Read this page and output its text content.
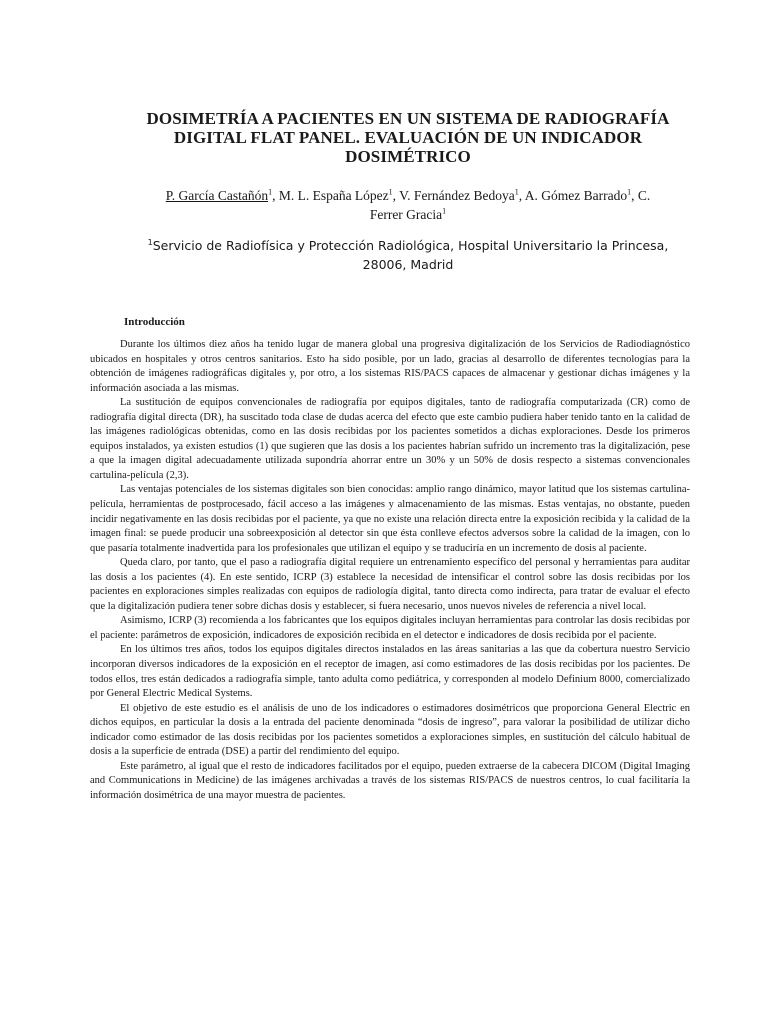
DOSIMETRÍA A PACIENTES EN UN SISTEMA DE RADIOGRAFÍA
DIGITAL FLAT PANEL. EVALUACIÓN DE UN INDICADOR
DOSIMÉTRICO
P. García Castañón$^1$, M. L. España López$^1$, V. Fernández Bedoya$^1$, A. Gómez Barrado$^1$, C.
Ferrer Gracia$^1$
$^1$Servicio de Radiofísica y Protección Radiológica, Hospital Universitario la Princesa,
28006, Madrid
Introducción

Durante los últimos diez años ha tenido lugar de manera global una progresiva digitalización de los Servicios de Radiodiagnóstico ubicados en hospitales y otros centros sanitarios. Esto ha sido posible, por un lado, gracias al desarrollo de diferentes tecnologías para la obtención de imágenes radiográficas digitales y, por otro, a los sistemas RIS/PACS capaces de almacenar y gestionar dichas imágenes y la información asociada a las mismas.

La sustitución de equipos convencionales de radiografía por equipos digitales, tanto de radiografía computarizada (CR) como de radiografía digital directa (DR), ha suscitado toda clase de dudas acerca del efecto que este cambio pudiera haber tenido tanto en la calidad de las imágenes radiológicas obtenidas, como en las dosis recibidas por los pacientes sometidos a dichas exploraciones. Desde los primeros equipos instalados, ya existen estudios (1) que sugieren que las dosis a los pacientes habrían sufrido un incremento tras la digitalización, pese a que la imagen digital adecuadamente utilizada supondría ahorrar entre un 30% y un 50% de dosis respecto a sistemas convencionales cartulina-película (2,3).

Las ventajas potenciales de los sistemas digitales son bien conocidas: amplio rango dinámico, mayor latitud que los sistemas cartulina-película, herramientas de postprocesado, fácil acceso a las imágenes y almacenamiento de las mismas. Estas ventajas, no obstante, pueden incidir negativamente en las dosis recibidas por el paciente, ya que no existe una relación directa entre la exposición recibida y la calidad de la imagen final: se puede producir una sobreexposición al detector sin que ésta conlleve efectos adversos sobre la calidad de la imagen, con lo que pasaría totalmente inadvertida para los profesionales que utilizan el equipo y se traduciría en un incremento de dosis al paciente.

Queda claro, por tanto, que el paso a radiografía digital requiere un entrenamiento específico del personal y herramientas para auditar las dosis a los pacientes (4). En este sentido, ICRP (3) establece la necesidad de intensificar el control sobre las dosis recibidas por los pacientes en exploraciones simples realizadas con equipos de radiología digital, tanto directa como indirecta, para tratar de evaluar el efecto que la digitalización pudiera tener sobre dichas dosis y establecer, si fuera necesario, unos nuevos niveles de referencia a nivel local.

Asimismo, ICRP (3) recomienda a los fabricantes que los equipos digitales incluyan herramientas para controlar las dosis recibidas por el paciente: parámetros de exposición, indicadores de exposición recibida en el detector e indicadores de dosis recibida por el paciente.

En los últimos tres años, todos los equipos digitales directos instalados en las áreas sanitarias a las que da cobertura nuestro Servicio incorporan diversos indicadores de la exposición en el receptor de imagen, así como estimadores de las dosis recibidas por los pacientes. De todos ellos, tres están dedicados a radiografía simple, tanto adulta como pediátrica, y corresponden al modelo Definium 8000, comercializado por General Electric Medical Systems.

El objetivo de este estudio es el análisis de uno de los indicadores o estimadores dosimétricos que proporciona General Electric en dichos equipos, en particular la dosis a la entrada del paciente denominada “dosis de ingreso”, para valorar la posibilidad de utilizar dicho indicador como estimador de las dosis recibidas por los pacientes sometidos a exploraciones simples, en sustitución del cálculo habitual de dosis a la superficie de entrada (DSE) a partir del rendimiento del equipo.

Este parámetro, al igual que el resto de indicadores facilitados por el equipo, pueden extraerse de la cabecera DICOM (Digital Imaging and Communications in Medicine) de las imágenes archivadas a través de los sistemas RIS/PACS de nuestros centros, lo cual facilitaría la información dosimétrica de una mayor muestra de pacientes.
